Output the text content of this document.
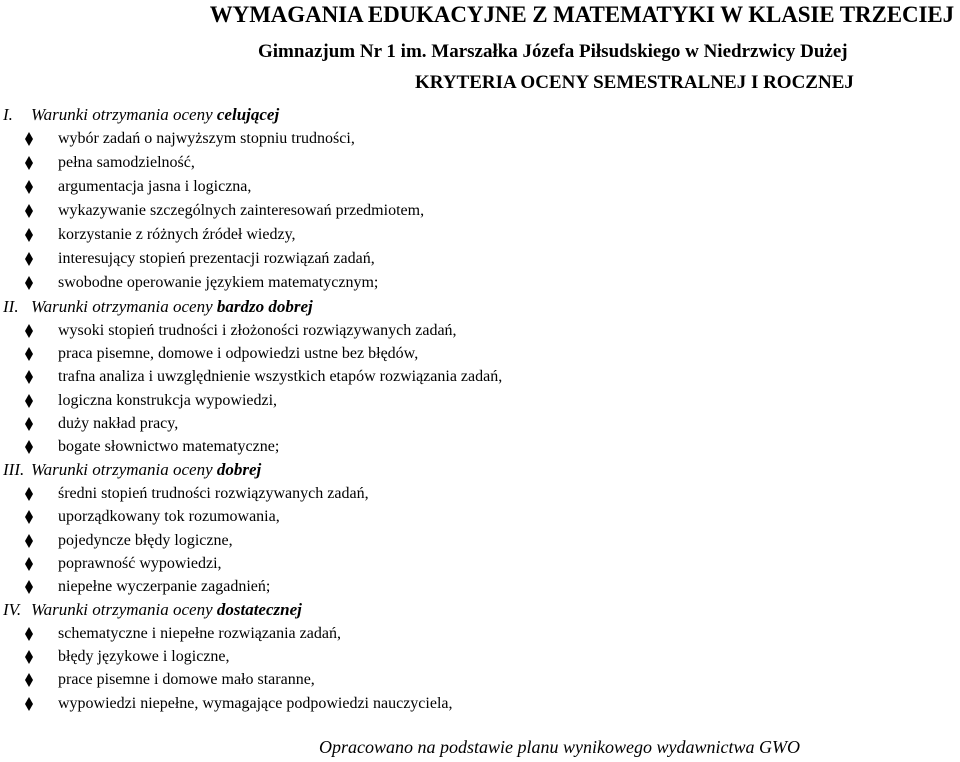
WYMAGANIA EDUKACYJNE Z MATEMATYKI W KLASIE TRZECIEJ
Gimnazjum Nr 1 im. Marszałka Józefa Piłsudskiego w Niedrzwicy Dużej
KRYTERIA OCENY SEMESTRALNEJ I ROCZNEJ
I. Warunki otrzymania oceny celującej
wybór zadań o najwyższym stopniu trudności,
pełna samodzielność,
argumentacja jasna i logiczna,
wykazywanie szczególnych zainteresowań przedmiotem,
korzystanie z różnych źródeł wiedzy,
interesujący stopień prezentacji rozwiązań zadań,
swobodne operowanie językiem matematycznym;
II. Warunki otrzymania oceny bardzo dobrej
wysoki stopień trudności i złożoności rozwiązywanych zadań,
praca pisemne, domowe i odpowiedzi ustne bez błędów,
trafna analiza i uwzględnienie wszystkich etapów rozwiązania zadań,
logiczna konstrukcja wypowiedzi,
duży nakład pracy,
bogate słownictwo matematyczne;
III. Warunki otrzymania oceny dobrej
średni stopień trudności rozwiązywanych zadań,
uporządkowany tok rozumowania,
pojedyncze błędy logiczne,
poprawność wypowiedzi,
niepełne wyczerpanie zagadnień;
IV. Warunki otrzymania oceny dostatecznej
schematyczne i niepełne rozwiązania zadań,
błędy językowe i logiczne,
prace pisemne i domowe mało staranne,
wypowiedzi niepełne, wymagające podpowiedzi nauczyciela,
Opracowano na podstawie planu wynikowego wydawnictwa GWO
